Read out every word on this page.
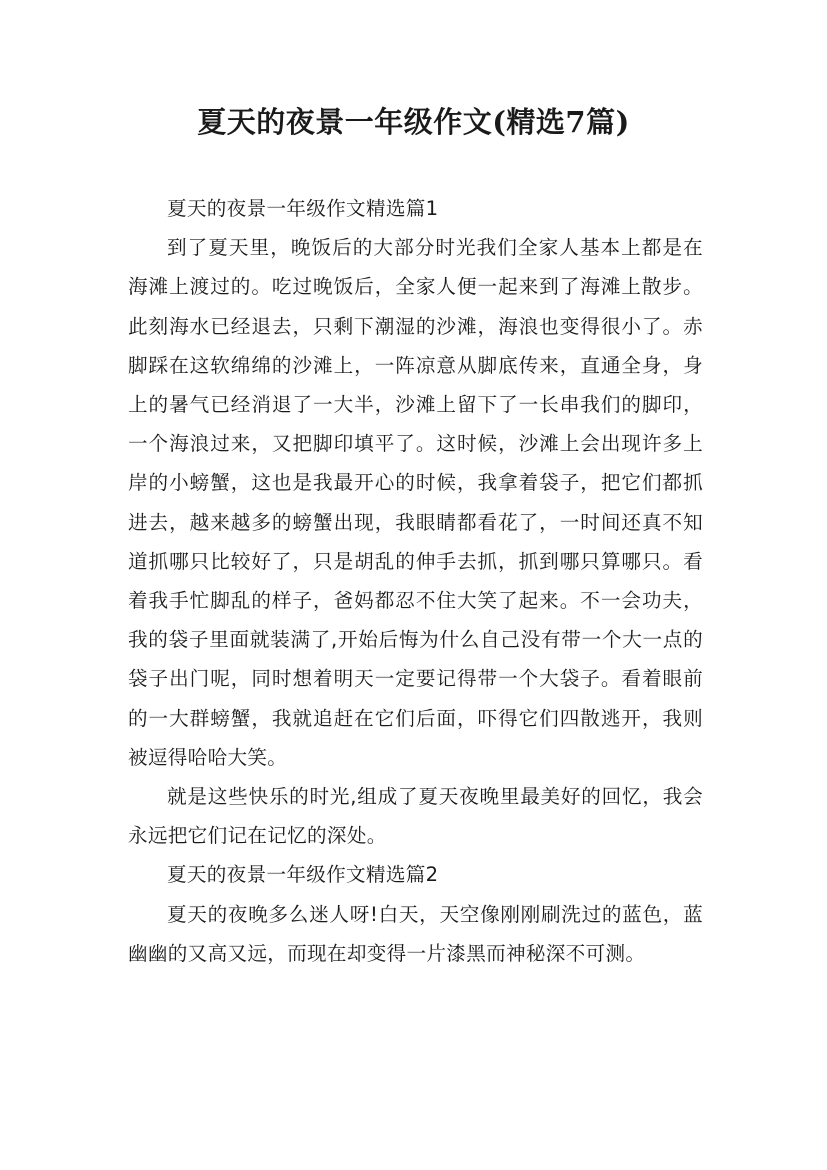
夏天的夜景一年级作文(精选7篇)

夏天的夜景一年级作文精选篇1

到了夏天里，晚饭后的大部分时光我们全家人基本上都是在海滩上渡过的。吃过晚饭后，全家人便一起来到了海滩上散步。此刻海水已经退去，只剩下潮湿的沙滩，海浪也变得很小了。赤脚踩在这软绵绵的沙滩上，一阵凉意从脚底传来，直通全身，身上的暑气已经消退了一大半，沙滩上留下了一长串我们的脚印，一个海浪过来，又把脚印填平了。这时候，沙滩上会出现许多上岸的小螃蟹，这也是我最开心的时候，我拿着袋子，把它们都抓进去，越来越多的螃蟹出现，我眼睛都看花了，一时间还真不知道抓哪只比较好了，只是胡乱的伸手去抓，抓到哪只算哪只。看着我手忙脚乱的样子，爸妈都忍不住大笑了起来。不一会功夫，我的袋子里面就装满了,开始后悔为什么自己没有带一个大一点的袋子出门呢，同时想着明天一定要记得带一个大袋子。看着眼前的一大群螃蟹，我就追赶在它们后面，吓得它们四散逃开，我则被逗得哈哈大笑。

就是这些快乐的时光,组成了夏天夜晚里最美好的回忆，我会永远把它们记在记忆的深处。

夏天的夜景一年级作文精选篇2

夏天的夜晚多么迷人呀!白天，天空像刚刚刷洗过的蓝色，蓝幽幽的又高又远，而现在却变得一片漆黑而神秘深不可测。
